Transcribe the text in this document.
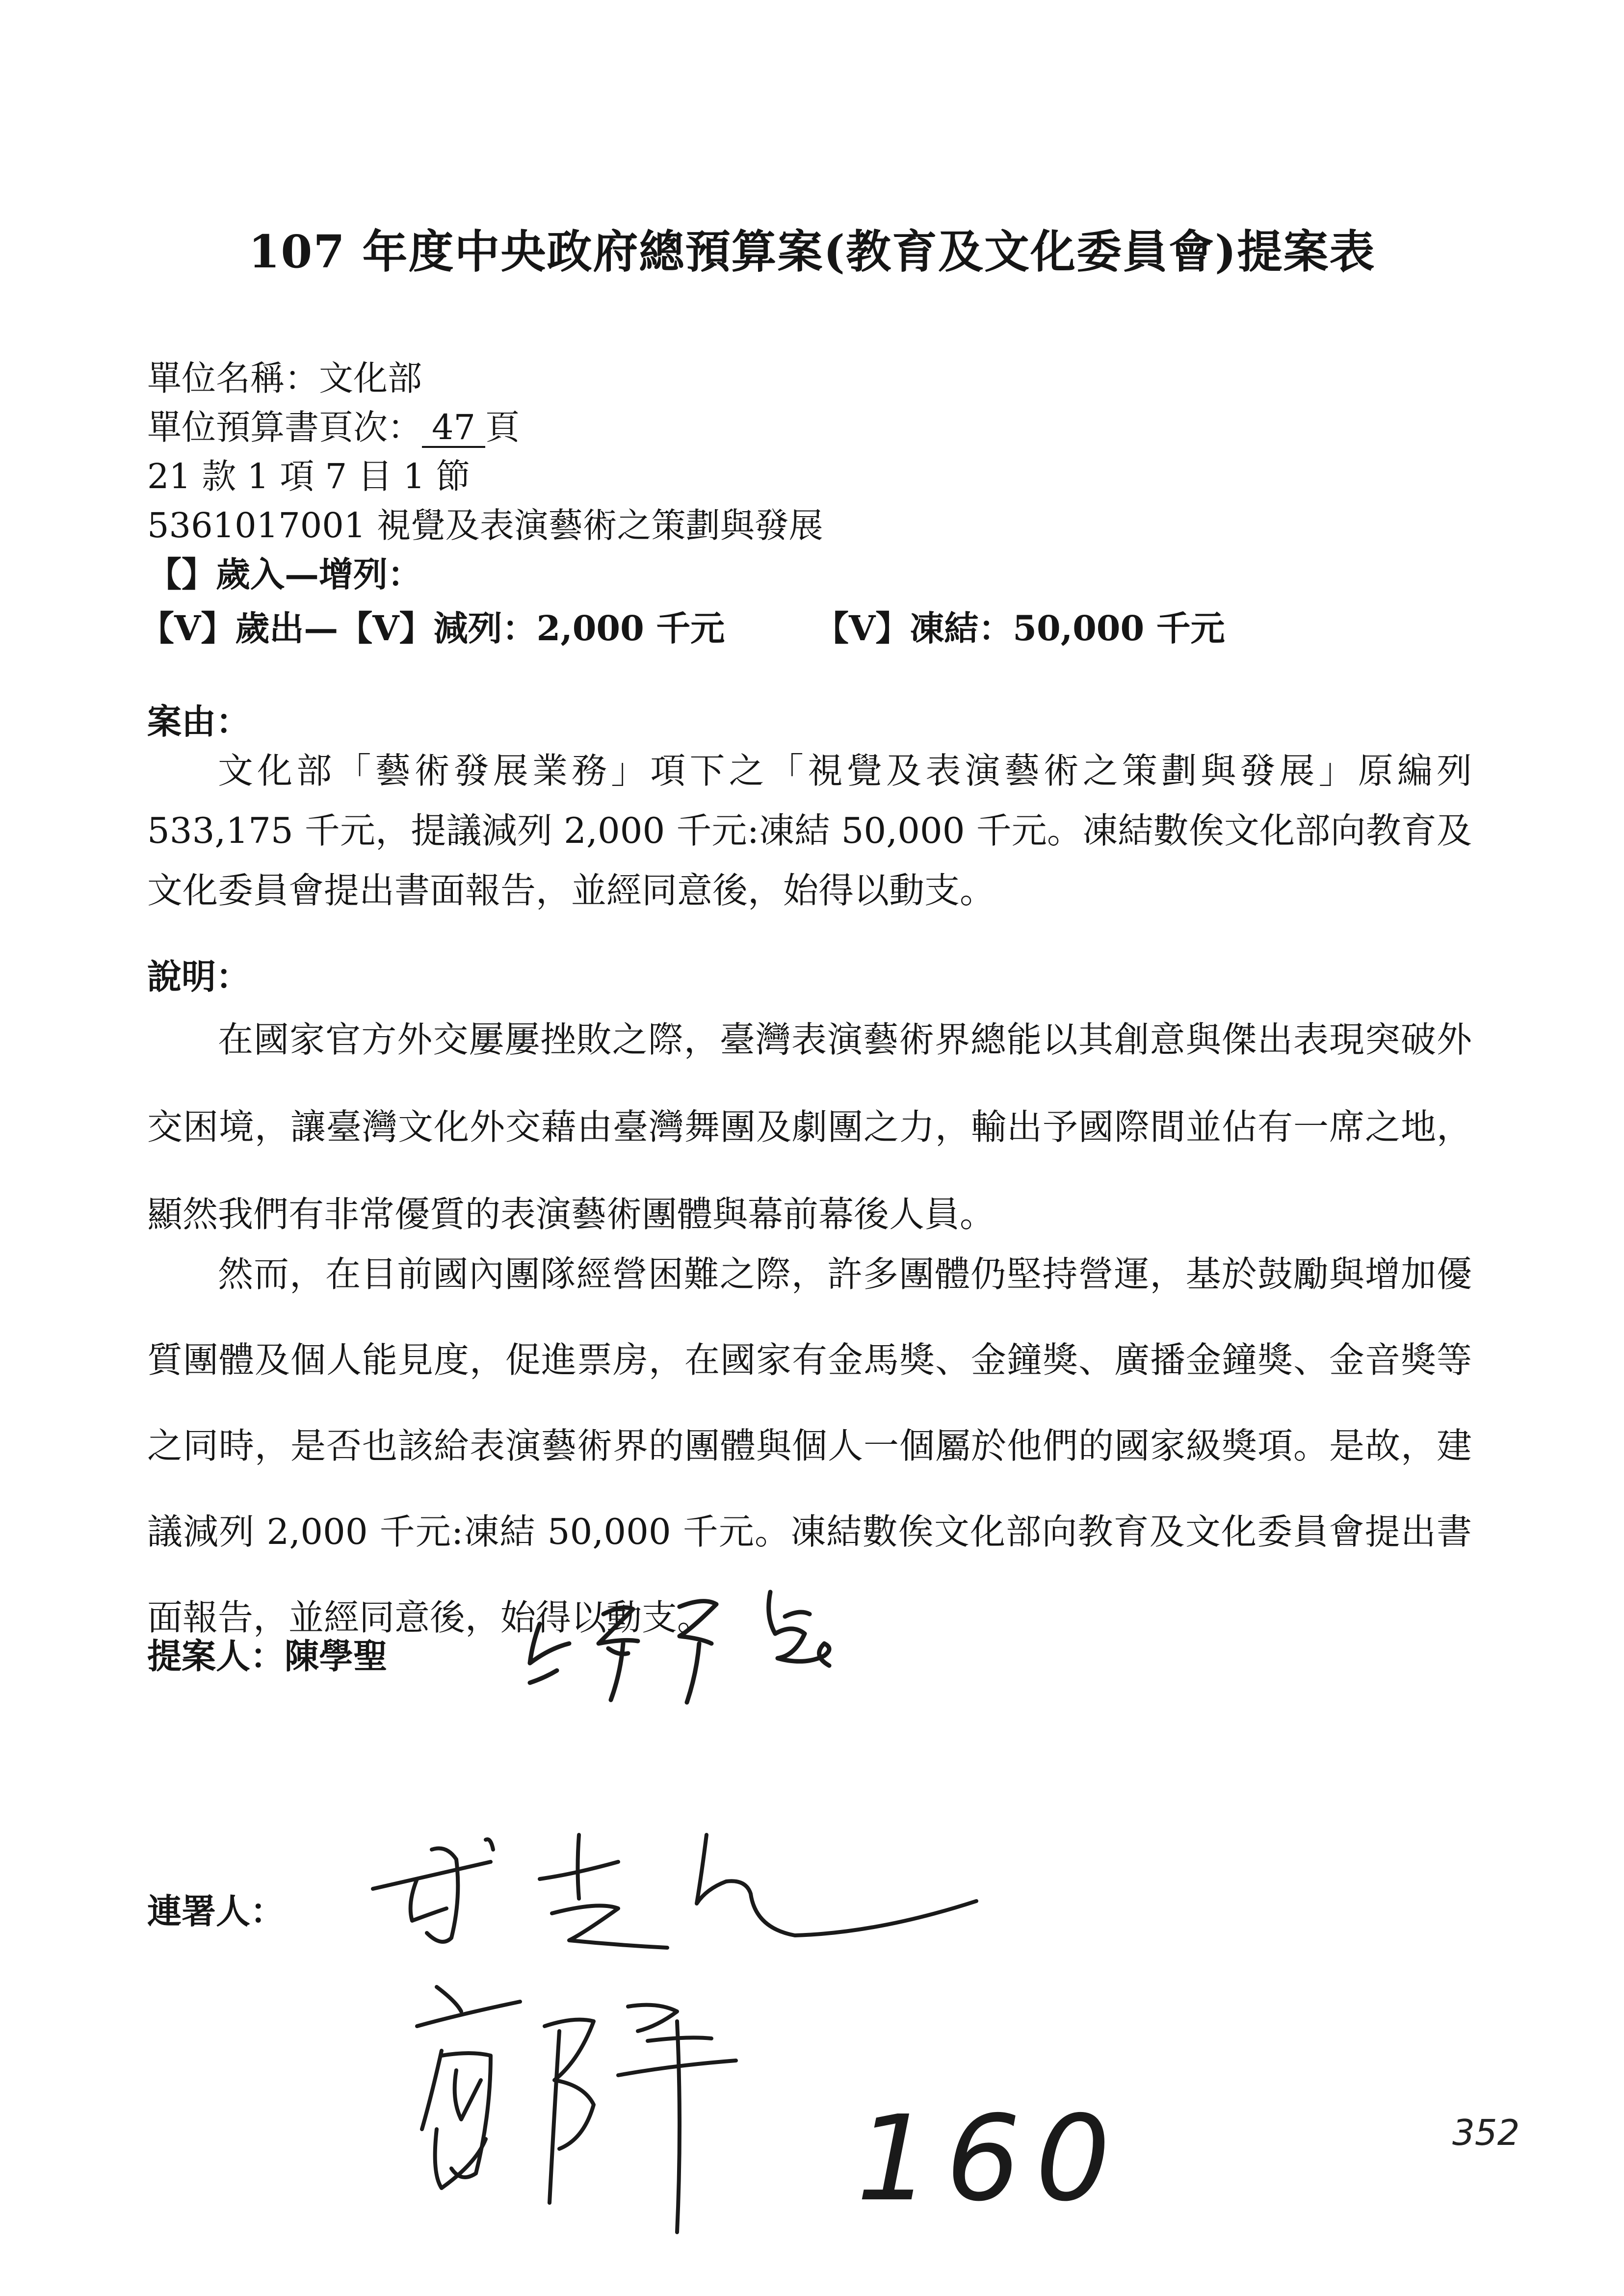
107 年度中央政府總預算案(教育及文化委員會)提案表
單位名稱：文化部
單位預算書頁次： 47 頁
21 款 1 項 7 目 1 節
5361017001 視覺及表演藝術之策劃與發展
【】歲入—增列：
【V】歲出—【V】減列：2,000 千元	【V】凍結：50,000 千元
案由：

文化部「藝術發展業務」項下之「視覺及表演藝術之策劃與發展」原編列 533,175 千元，提議減列 2,000 千元:凍結 50,000 千元。凍結數俟文化部向教育及文化委員會提出書面報告，並經同意後，始得以動支。

說明：

在國家官方外交屢屢挫敗之際，臺灣表演藝術界總能以其創意與傑出表現突破外交困境，讓臺灣文化外交藉由臺灣舞團及劇團之力，輸出予國際間並佔有一席之地，顯然我們有非常優質的表演藝術團體與幕前幕後人員。

然而，在目前國內團隊經營困難之際，許多團體仍堅持營運，基於鼓勵與增加優質團體及個人能見度，促進票房，在國家有金馬獎、金鐘獎、廣播金鐘獎、金音獎等之同時，是否也該給表演藝術界的團體與個人一個屬於他們的國家級獎項。是故，建議減列 2,000 千元:凍結 50,000 千元。凍結數俟文化部向教育及文化委員會提出書面報告，並經同意後，始得以動支。

提案人：陳學聖
連署人：
160	352
